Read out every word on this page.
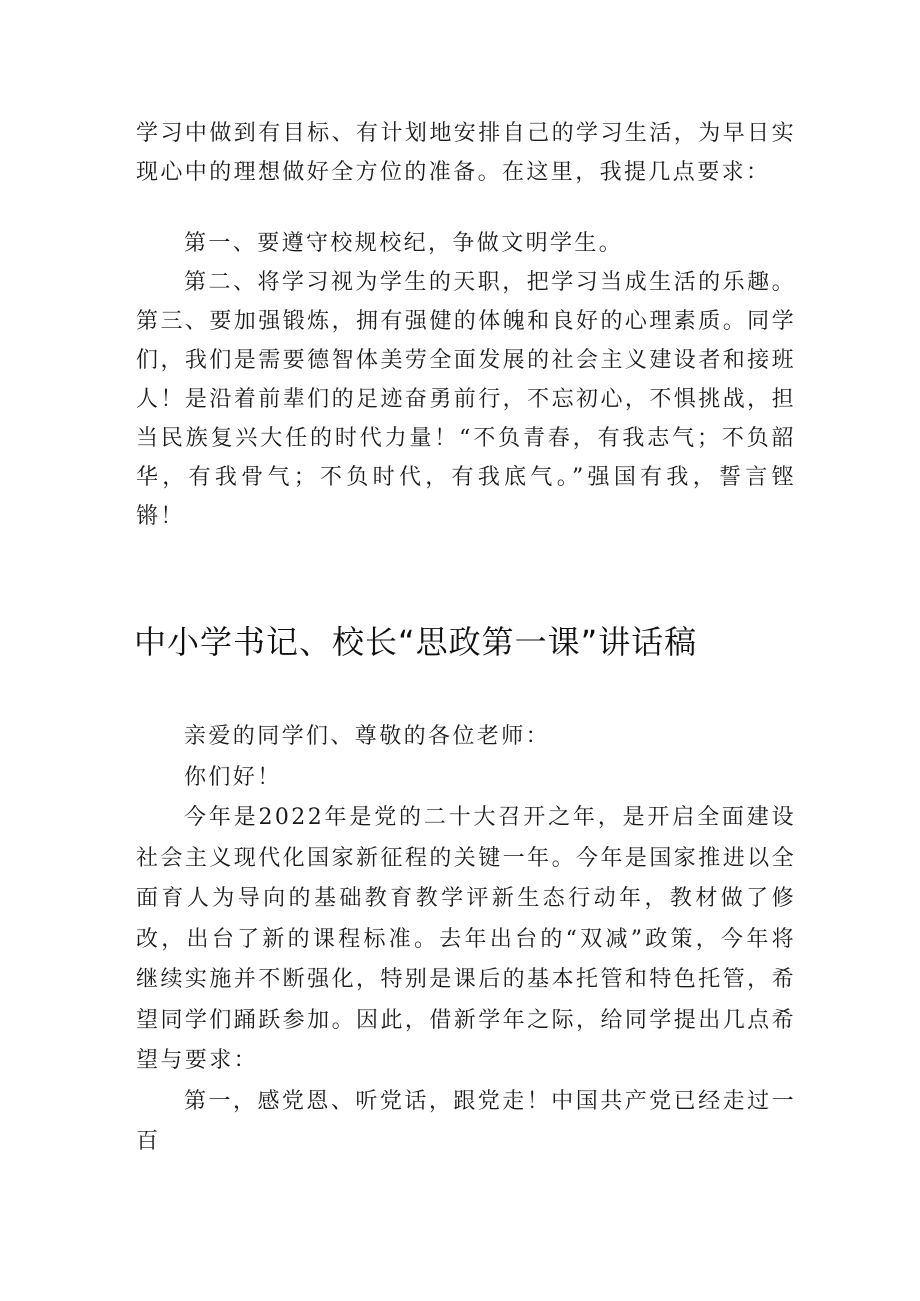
学习中做到有目标、有计划地安排自己的学习生活，为早日实现心中的理想做好全方位的准备。在这里，我提几点要求：

第一、要遵守校规校纪，争做文明学生。

第二、将学习视为学生的天职，把学习当成生活的乐趣。第三、要加强锻炼，拥有强健的体魄和良好的心理素质。同学们，我们是需要德智体美劳全面发展的社会主义建设者和接班人！是沿着前辈们的足迹奋勇前行，不忘初心，不惧挑战，担当民族复兴大任的时代力量！“不负青春，有我志气；不负韶华，有我骨气；不负时代，有我底气。”强国有我，誓言铿锵！

中小学书记、校长“思政第一课”讲话稿

亲爱的同学们、尊敬的各位老师：

你们好！

今年是2022年是党的二十大召开之年，是开启全面建设社会主义现代化国家新征程的关键一年。今年是国家推进以全面育人为导向的基础教育教学评新生态行动年，教材做了修改，出台了新的课程标准。去年出台的“双减”政策，今年将继续实施并不断强化，特别是课后的基本托管和特色托管，希望同学们踊跃参加。因此，借新学年之际，给同学提出几点希望与要求：

第一，感党恩、听党话，跟党走！中国共产党已经走过一百
